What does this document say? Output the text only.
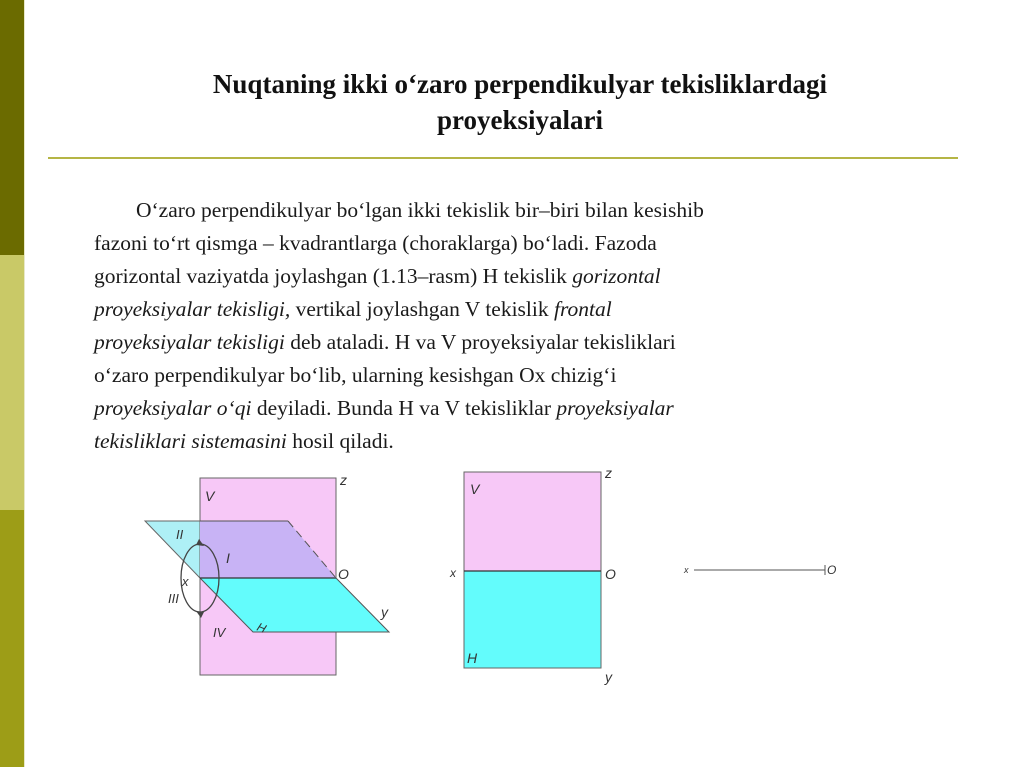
Nuqtaning ikki o‘zaro perpendikulyar tekisliklardagi
proyeksiyalari
O‘zaro perpendikulyar bo‘lgan ikki tekislik bir–biri bilan kesishib
fazoni to‘rt qismga – kvadrantlarga (choraklarga) bo‘ladi. Fazoda
gorizontal vaziyatda joylashgan (1.13–rasm) H tekislik gorizontal
proyeksiyalar tekisligi, vertikal joylashgan V tekislik frontal
proyeksiyalar tekisligi deb ataladi. H va V proyeksiyalar tekisliklari
o‘zaro perpendikulyar bo‘lib, ularning kesishgan Ox chizig‘i
proyeksiyalar o‘qi deyiladi. Bunda H va V tekisliklar proyeksiyalar
tekisliklari sistemasini hosil qiladi.
V
z
II
I
x	O
III
IV H
y
V
z
x	O
H
y
x	O
